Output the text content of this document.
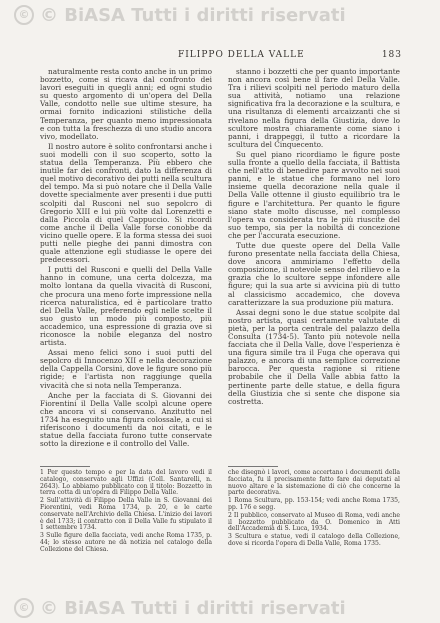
© © BiASA Tutti i diritti riservati
FILIPPO DELLA VALLE	183

naturalmente resta conto anche in un primo bozzetto, come si ricava dal confronto dei lavori eseguiti in quegli anni; ed ogni studio su questo argomento di un'opera del Della Valle, condotto nelle sue ultime stesure, ha ormai fornito indicazioni stilistiche della Temperanza, per quanto meno impressionata e con tutta la freschezza di uno studio ancora vivo, modellato.

Il nostro autore è solito confrontarsi anche i suoi modelli con il suo scoperto, sotto la statua della Temperanza. Più ebbero che inutile far dei confronti, dato la differenza di quel motivo decorativo dei putti nella scultura del tempo. Ma si può notare che il Della Valle dovette specialmente aver presenti i due putti scolpiti dal Rusconi nel suo sepolcro di Gregorio XIII e lui più volte dal Lorenzetti e dalla Piccola di quel Cappuccio. Si ricordi come anche il Della Valle forse conobbe da vicino quelle opere. E la forma stessa dei suoi putti nelle pieghe dei panni dimostra con quale attenzione egli studiasse le opere dei predecessori.

I putti del Rusconi e quelli del Della Valle hanno in comune, una certa dolcezza, ma molto lontana da quella vivacità di Rusconi, che procura una meno forte impressione nella ricerca naturalistica, ed è particolare tratto del Della Valle, preferendo egli nelle scelte il suo gusto un modo più composto, più accademico, una espressione di grazia ove si riconosce la nobile eleganza del nostro artista.

Assai meno felici sono i suoi putti del sepolcro di Innocenzo XII e nella decorazione della Cappella Corsini, dove le figure sono più rigide; e l'artista non raggiunge quella vivacità che si nota nella Temperanza.

Anche per la facciata di S. Giovanni dei Fiorentini il Della Valle scolpì alcune opere che ancora vi si conservano. Anzitutto nel 1734 ha eseguito una figura colossale, a cui si riferiscono i documenti da noi citati, e le statue della facciata furono tutte conservate sotto la direzione e il controllo del Valle.

stanno i bozzetti che per quanto importante non ancora così bene il fare del Della Valle. Tra i rilievi scolpiti nel periodo maturo della sua attività, notiamo una relazione significativa fra la decorazione e la scultura, e una risultanza di elementi arcaizzanti che si rivelano nella figura della Giustizia, dove lo scultore mostra chiaramente come siano i panni, i drappeggi, il tutto a ricordare la scultura del Cinquecento.

Su quel piano ricordiamo le figure poste sulla fronte a quello della facciata, il Battista che nell'atto di benedire pare avvolto nei suoi panni, e le statue che formano nel loro insieme quella decorazione nella quale il Della Valle ottenne il giusto equilibrio tra le figure e l'architettura. Per quanto le figure siano state molto discusse, nel complesso l'opera va considerata tra le più riuscite del suo tempo, sia per la nobiltà di concezione che per l'accurata esecuzione.

Tutte due queste opere del Della Valle furono presentate nella facciata della Chiesa, dove ancora ammiriamo l'effetto della composizione, il notevole senso del rilievo e la grazia che lo scultore seppe infondere alle figure; qui la sua arte si avvicina più di tutto al classicismo accademico, che doveva caratterizzare la sua produzione più matura.

Assai degni sono le due statue scolpite dal nostro artista, quasi certamente valutate di pietà, per la porta centrale del palazzo della Consulta (1734-5). Tanto più notevole nella facciata che il Della Valle, dove l'esperienza è una figura simile tra il Fuga che operava qui palazzo, e ancora di una semplice correzione barocca. Per questa ragione si ritiene probabile che il Della Valle abbia fatto la pertinente parte delle statue, e della figura della Giustizia che si sente che dispone sia costretta.

1 Per questo tempo e per la data del lavoro vedi il catalogo, conservato agli Uffizi (Coll. Santarelli, n. 2643). Lo abbiamo pubblicato con il titolo: Bozzetto in terra cotta di un'opera di Filippo Della Valle.

2 Sull'attività di Filippo Della Valle in S. Giovanni dei Fiorentini, vedi Roma 1734, p. 20, e le carte conservate nell'Archivio della Chiesa. L'inizio dei lavori è del 1733; il contratto con il Della Valle fu stipulato il 1 settembre 1734.

3 Sulle figure della facciata, vedi anche Roma 1735, p. 44; lo stesso autore ne dà notizia nel catalogo della Collezione del Chiesa.

che disegnò i lavori, come accertano i documenti della facciata, fu il precisamente fatto fare dai deputati al nuovo altare e la sistemazione di ciò che concerne la parte decorativa.

1 Roma Scultura, pp. 153-154; vedi anche Roma 1735, pp. 176 e segg.

2 Il pubblico, conservato al Museo di Roma, vedi anche il bozzetto pubblicato da O. Domenico in Atti dell'Accademia di S. Luca, 1934.

3 Scultura e statue, vedi il catalogo della Collezione, dove si ricorda l'opera di Della Valle, Roma 1735.

© © BiASA Tutti i diritti riservati
